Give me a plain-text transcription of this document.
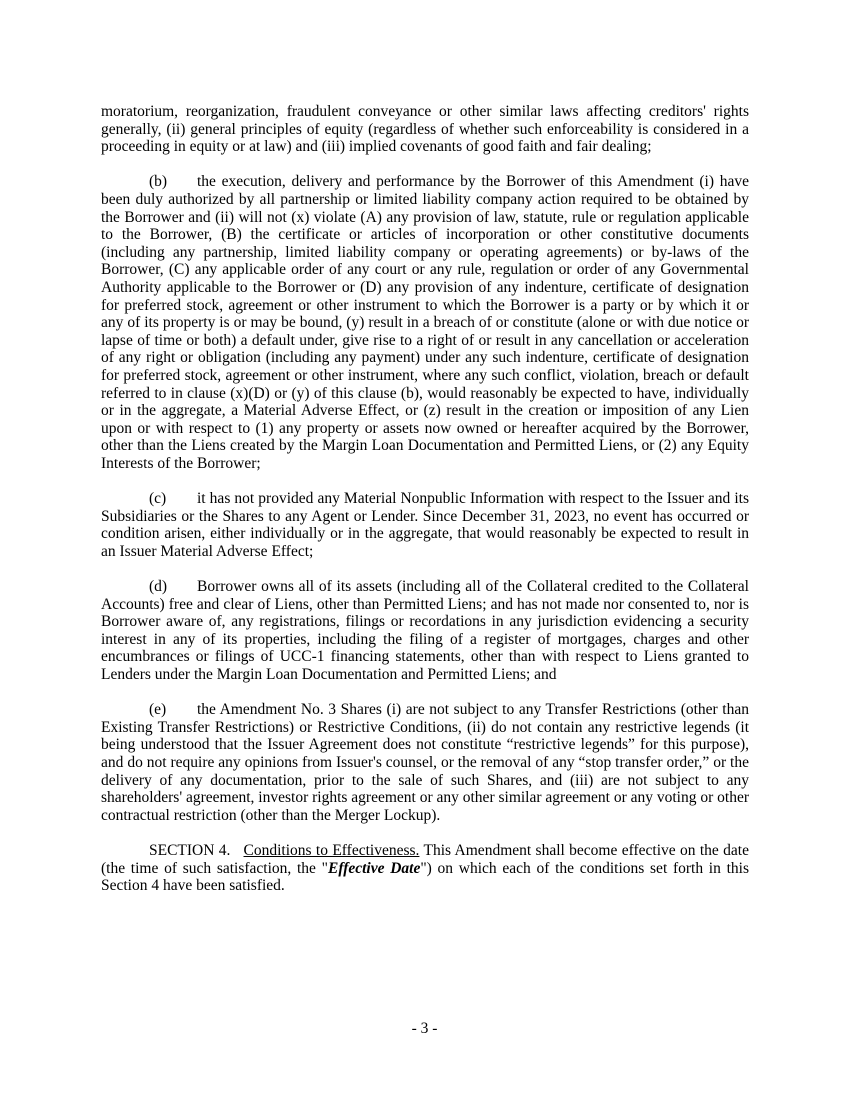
moratorium, reorganization, fraudulent conveyance or other similar laws affecting creditors' rights generally, (ii) general principles of equity (regardless of whether such enforceability is considered in a proceeding in equity or at law) and (iii) implied covenants of good faith and fair dealing;

(b) the execution, delivery and performance by the Borrower of this Amendment (i) have been duly authorized by all partnership or limited liability company action required to be obtained by the Borrower and (ii) will not (x) violate (A) any provision of law, statute, rule or regulation applicable to the Borrower, (B) the certificate or articles of incorporation or other constitutive documents (including any partnership, limited liability company or operating agreements) or by-laws of the Borrower, (C) any applicable order of any court or any rule, regulation or order of any Governmental Authority applicable to the Borrower or (D) any provision of any indenture, certificate of designation for preferred stock, agreement or other instrument to which the Borrower is a party or by which it or any of its property is or may be bound, (y) result in a breach of or constitute (alone or with due notice or lapse of time or both) a default under, give rise to a right of or result in any cancellation or acceleration of any right or obligation (including any payment) under any such indenture, certificate of designation for preferred stock, agreement or other instrument, where any such conflict, violation, breach or default referred to in clause (x)(D) or (y) of this clause (b), would reasonably be expected to have, individually or in the aggregate, a Material Adverse Effect, or (z) result in the creation or imposition of any Lien upon or with respect to (1) any property or assets now owned or hereafter acquired by the Borrower, other than the Liens created by the Margin Loan Documentation and Permitted Liens, or (2) any Equity Interests of the Borrower;

(c) it has not provided any Material Nonpublic Information with respect to the Issuer and its Subsidiaries or the Shares to any Agent or Lender. Since December 31, 2023, no event has occurred or condition arisen, either individually or in the aggregate, that would reasonably be expected to result in an Issuer Material Adverse Effect;

(d) Borrower owns all of its assets (including all of the Collateral credited to the Collateral Accounts) free and clear of Liens, other than Permitted Liens; and has not made nor consented to, nor is Borrower aware of, any registrations, filings or recordations in any jurisdiction evidencing a security interest in any of its properties, including the filing of a register of mortgages, charges and other encumbrances or filings of UCC-1 financing statements, other than with respect to Liens granted to Lenders under the Margin Loan Documentation and Permitted Liens; and

(e) the Amendment No. 3 Shares (i) are not subject to any Transfer Restrictions (other than Existing Transfer Restrictions) or Restrictive Conditions, (ii) do not contain any restrictive legends (it being understood that the Issuer Agreement does not constitute “restrictive legends” for this purpose), and do not require any opinions from Issuer's counsel, or the removal of any “stop transfer order,” or the delivery of any documentation, prior to the sale of such Shares, and (iii) are not subject to any shareholders' agreement, investor rights agreement or any other similar agreement or any voting or other contractual restriction (other than the Merger Lockup).

SECTION 4. Conditions to Effectiveness. This Amendment shall become effective on the date (the time of such satisfaction, the "Effective Date") on which each of the conditions set forth in this Section 4 have been satisfied.

- 3 -
